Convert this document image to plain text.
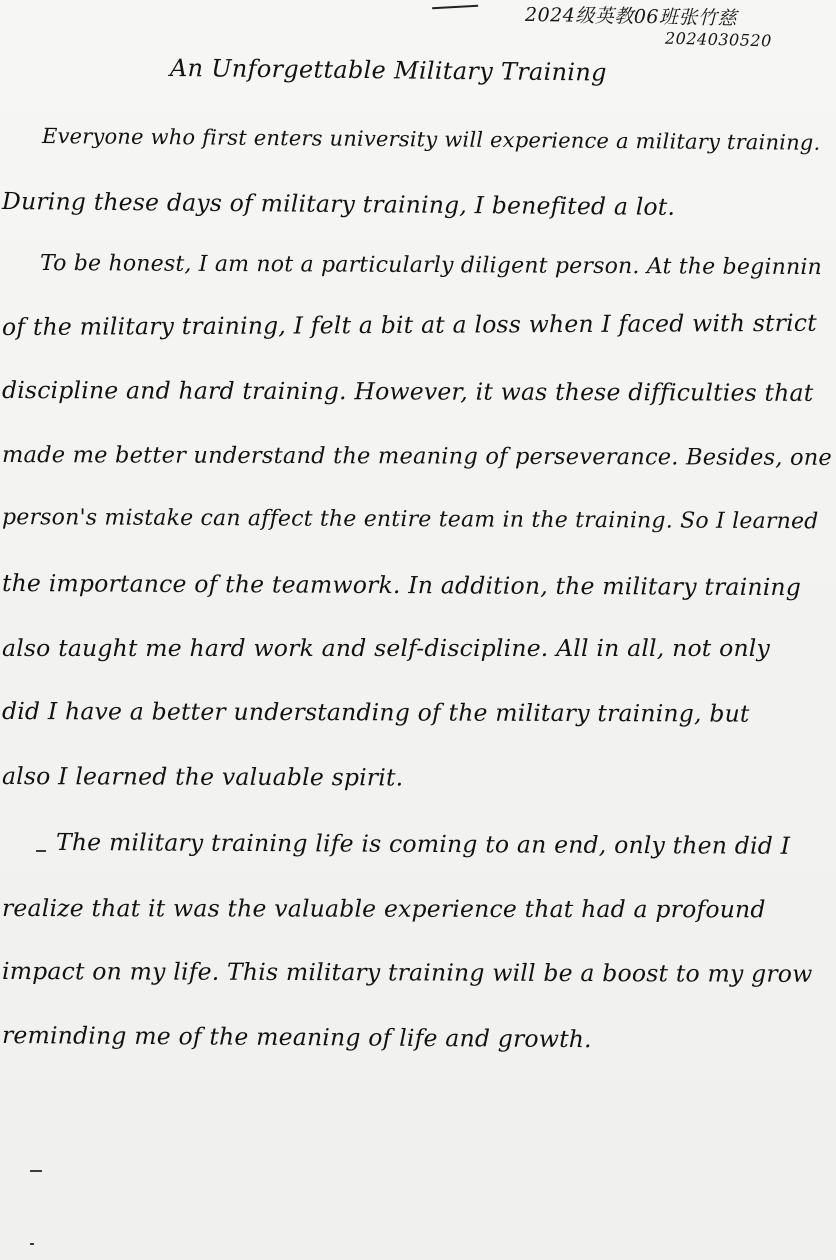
2024级英教06班张竹慈
2024030520
An Unforgettable Military Training

Everyone who first enters university will experience a military training.

During these days of military training, I benefited a lot.

To be honest, I am not a particularly diligent person. At the beginnin

of the military training, I felt a bit at a loss when I faced with strict

discipline and hard training. However, it was these difficulties that

made me better understand the meaning of perseverance. Besides, one

person's mistake can affect the entire team in the training. So I learned

the importance of the teamwork. In addition, the military training

also taught me hard work and self-discipline. All in all, not only

did I have a better understanding of the military training, but

also I learned the valuable spirit.

The military training life is coming to an end, only then did I

realize that it was the valuable experience that had a profound

impact on my life. This military training will be a boost to my grow

reminding me of the meaning of life and growth.
